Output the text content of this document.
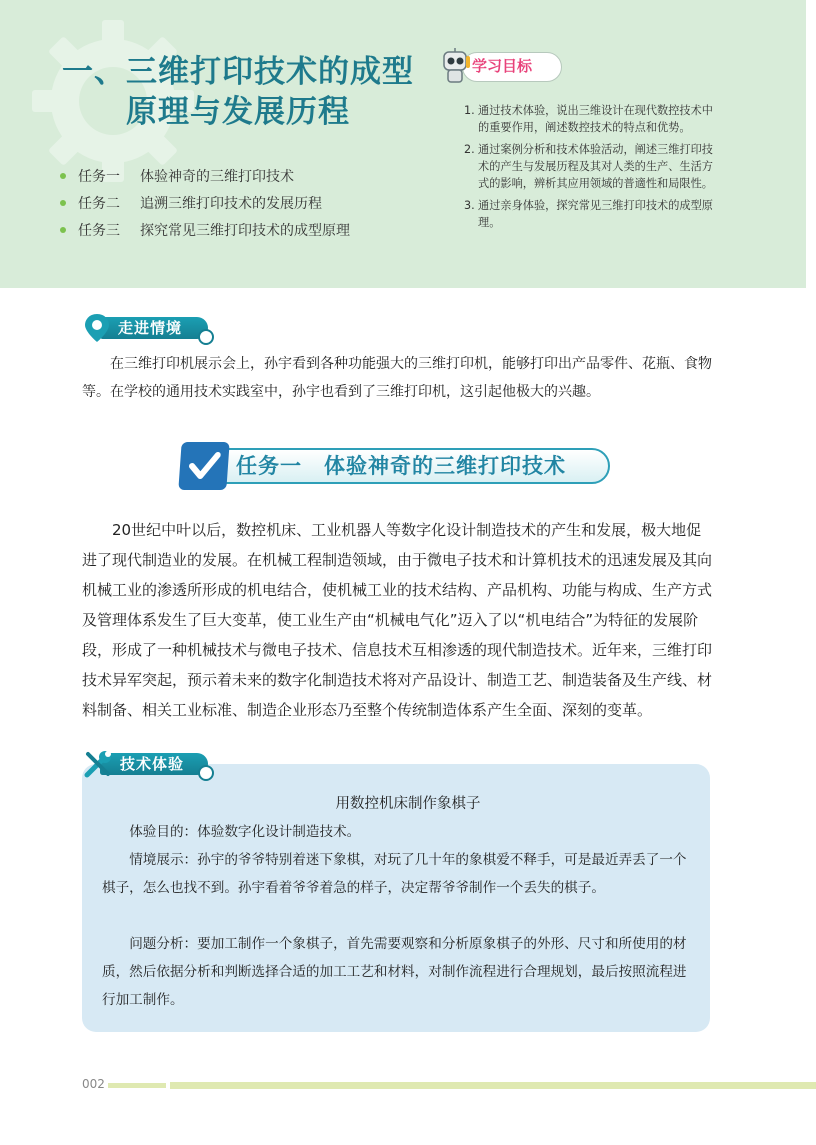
一、三维打印技术的成型
原理与发展历程
任务一	体验神奇的三维打印技术
任务二	追溯三维打印技术的发展历程
任务三	探究常见三维打印技术的成型原理
学习目标
1. 通过技术体验，说出三维设计在现代数控技术中的重要作用，阐述数控技术的特点和优势。
2. 通过案例分析和技术体验活动，阐述三维打印技术的产生与发展历程及其对人类的生产、生活方式的影响，辨析其应用领域的普適性和局限性。
3. 通过亲身体验，探究常见三维打印技术的成型原理。
走进情境

在三维打印机展示会上，孙宇看到各种功能强大的三维打印机，能够打印出产品零件、花瓶、食物等。在学校的通用技术实践室中，孙宇也看到了三维打印机，这引起他极大的兴趣。

任务一　体验神奇的三维打印技术

20世纪中叶以后，数控机床、工业机器人等数字化设计制造技术的产生和发展，极大地促进了现代制造业的发展。在机械工程制造领域，由于微电子技术和计算机技术的迅速发展及其向机械工业的渗透所形成的机电结合，使机械工业的技术结构、产品机构、功能与构成、生产方式及管理体系发生了巨大变革，使工业生产由“机械电气化”迈入了以“机电结合”为特征的发展阶段，形成了一种机械技术与微电子技术、信息技术互相渗透的现代制造技术。近年来，三维打印技术异军突起，预示着未来的数字化制造技术将对产品设计、制造工艺、制造装备及生产线、材料制备、相关工业标准、制造企业形态乃至整个传统制造体系产生全面、深刻的变革。

技术体验

用数控机床制作象棋子

体验目的：体验数字化设计制造技术。

情境展示：孙宇的爷爷特别着迷下象棋，对玩了几十年的象棋爱不释手，可是最近弄丢了一个棋子，怎么也找不到。孙宇看着爷爷着急的样子，决定帮爷爷制作一个丢失的棋子。

问题分析：要加工制作一个象棋子，首先需要观察和分析原象棋子的外形、尺寸和所使用的材质，然后依据分析和判断选择合适的加工工艺和材料，对制作流程进行合理规划，最后按照流程进行加工制作。

002
